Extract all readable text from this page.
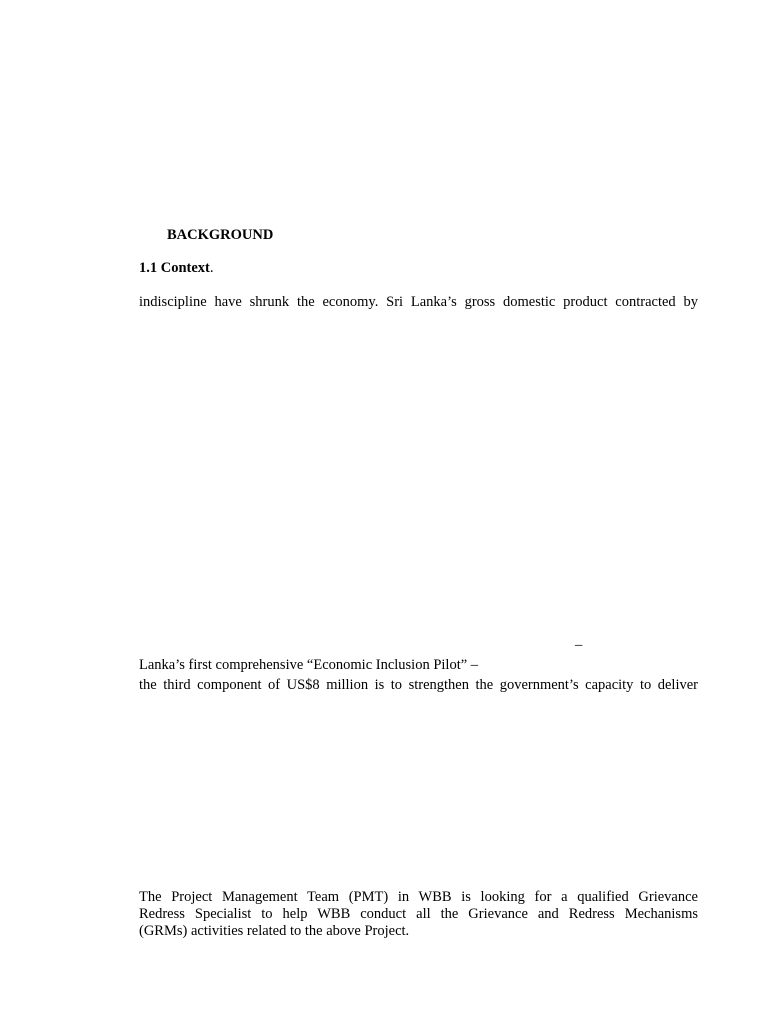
BACKGROUND
1.1 Context.
indiscipline have shrunk the economy. Sri Lanka’s gross domestic product contracted by
–
Lanka’s first comprehensive “Economic Inclusion Pilot” –
the third component of US$8 million is to strengthen the government’s capacity to deliver
The Project Management Team (PMT) in WBB is looking for a qualified Grievance
Redress Specialist to help WBB conduct all the Grievance and Redress Mechanisms
(GRMs) activities related to the above Project.
